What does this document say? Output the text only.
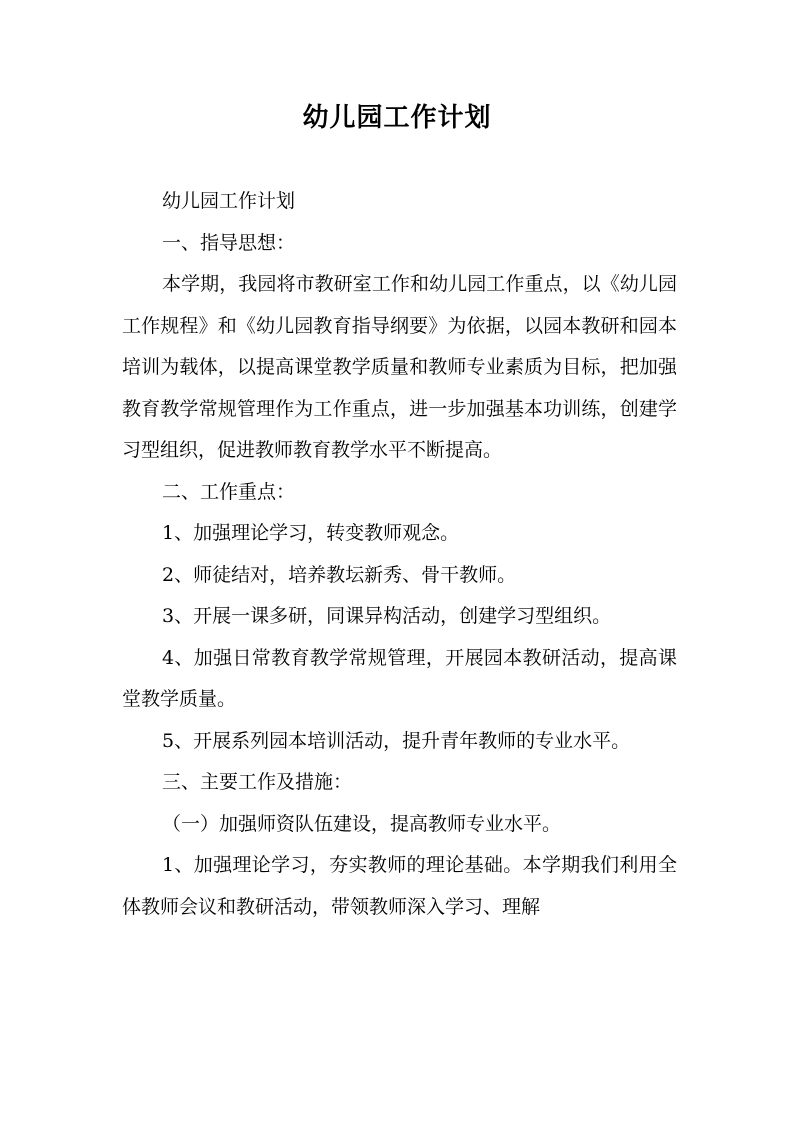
幼儿园工作计划

幼儿园工作计划

一、指导思想：

本学期，我园将市教研室工作和幼儿园工作重点，以《幼儿园工作规程》和《幼儿园教育指导纲要》为依据，以园本教研和园本培训为载体，以提高课堂教学质量和教师专业素质为目标，把加强教育教学常规管理作为工作重点，进一步加强基本功训练，创建学习型组织，促进教师教育教学水平不断提高。

二、工作重点：

1、加强理论学习，转变教师观念。

2、师徒结对，培养教坛新秀、骨干教师。

3、开展一课多研，同课异构活动，创建学习型组织。

4、加强日常教育教学常规管理，开展园本教研活动，提高课堂教学质量。

5、开展系列园本培训活动，提升青年教师的专业水平。

三、主要工作及措施：

（一）加强师资队伍建设，提高教师专业水平。

1、加强理论学习，夯实教师的理论基础。本学期我们利用全体教师会议和教研活动，带领教师深入学习、理解
